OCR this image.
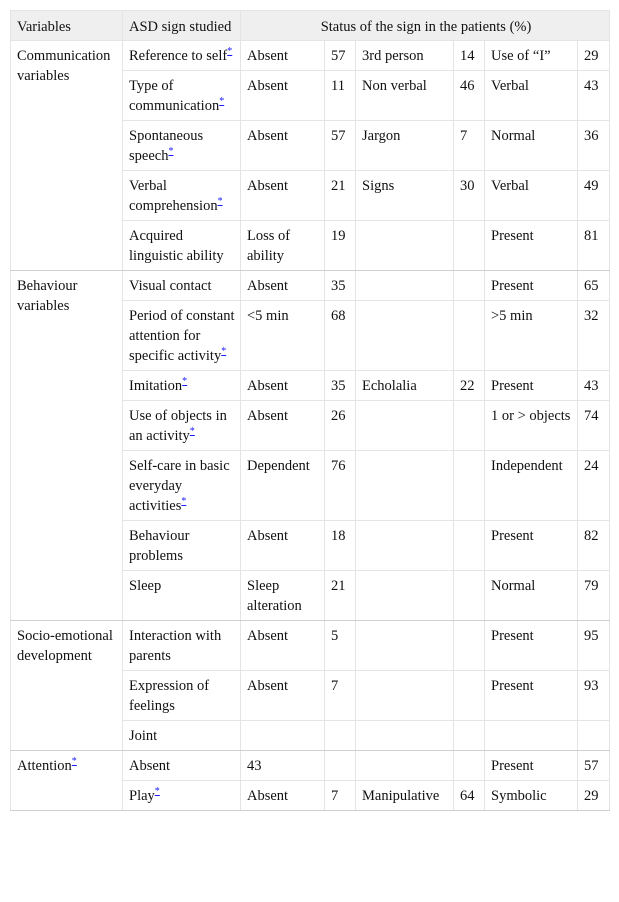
Variables	ASD sign studied	Status of the sign in the patients (%)					
Communication variables	Reference to self*	Absent	57	3rd person	14	Use of “I”	29
	Type of communication*	Absent	11	Non verbal	46	Verbal	43
	Spontaneous speech*	Absent	57	Jargon	7	Normal	36
	Verbal comprehension*	Absent	21	Signs	30	Verbal	49
	Acquired linguistic ability	Loss of ability	19			Present	81
Behaviour variables	Visual contact	Absent	35			Present	65
	Period of constant attention for specific activity*	<5 min	68			>5 min	32
	Imitation*	Absent	35	Echolalia	22	Present	43
	Use of objects in an activity*	Absent	26			1 or > objects	74
	Self-care in basic everyday activities*	Dependent	76			Independent	24
	Behaviour problems	Absent	18			Present	82
	Sleep	Sleep alteration	21			Normal	79
Socio-emotional development	Interaction with parents	Absent	5			Present	95
	Expression of feelings	Absent	7			Present	93
	Joint						
Attention*	Absent	43				Present	57
	Play*	Absent	7	Manipulative	64	Symbolic	29
